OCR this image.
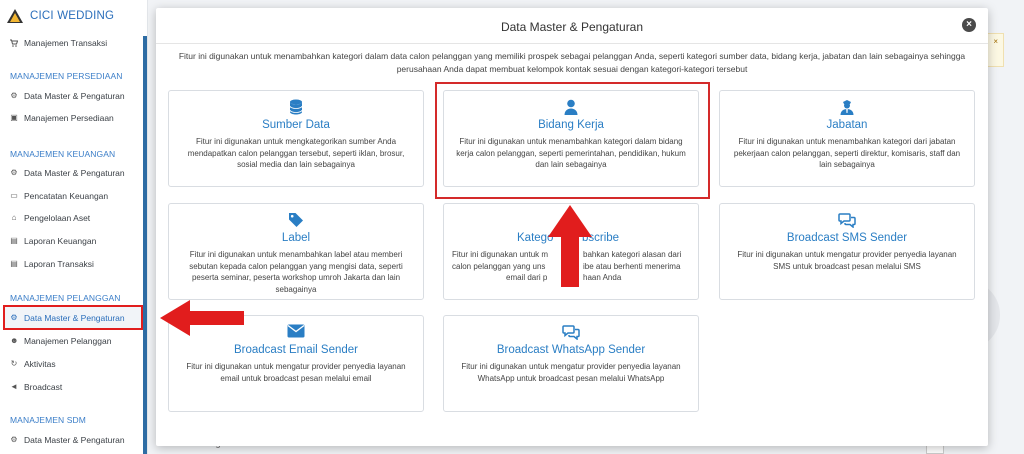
CICI WEDDING
Manajemen Transaksi
MANAJEMEN PERSEDIAAN
⚙ Data Master & Pengaturan
▣ Manajemen Persediaan
MANAJEMEN KEUANGAN
⚙ Data Master & Pengaturan
▭ Pencatatan Keuangan
⌂ Pengelolaan Aset
▤ Laporan Keuangan
▤ Laporan Transaksi
MANAJEMEN PELANGGAN
⚙ Data Master & Pengaturan
☻ Manajemen Pelanggan
↻ Aktivitas
◄ Broadcast
MANAJEMEN SDM
⚙ Data Master & Pengaturan
×
Data Master & Pengaturan	×
Fitur ini digunakan untuk menambahkan kategori dalam data calon pelanggan yang memiliki prospek sebagai pelanggan Anda, seperti kategori sumber data, bidang kerja, jabatan dan lain sebagainya sehingga perusahaan Anda dapat membuat kelompok kontak sesuai dengan kategori-kategori tersebut
Sumber Data
Fitur ini digunakan untuk mengkategorikan sumber Anda mendapatkan calon pelanggan tersebut, seperti iklan, brosur, sosial media dan lain sebagainya
Bidang Kerja
Fitur ini digunakan untuk menambahkan kategori dalam bidang kerja calon pelanggan, seperti pemerintahan, pendidikan, hukum dan lain sebagainya
Jabatan
Fitur ini digunakan untuk menambahkan kategori dari jabatan pekerjaan calon pelanggan, seperti direktur, komisaris, staff dan lain sebagainya
Label
Fitur ini digunakan untuk menambahkan label atau memberi sebutan kepada calon pelanggan yang mengisi data, seperti peserta seminar, peserta workshop umroh Jakarta dan lain sebagainya
Katego bscribe
Fitur ini digunakan untuk m	bahkan kategori alasan dari
calon pelanggan yang uns	ibe atau berhenti menerima
email dari p	haan Anda
Broadcast SMS Sender
Fitur ini digunakan untuk mengatur provider penyedia layanan SMS untuk broadcast pesan melalui SMS
Broadcast Email Sender
Fitur ini digunakan untuk mengatur provider penyedia layanan email untuk broadcast pesan melalui email
Broadcast WhatsApp Sender
Fitur ini digunakan untuk mengatur provider penyedia layanan WhatsApp untuk broadcast pesan melalui WhatsApp
